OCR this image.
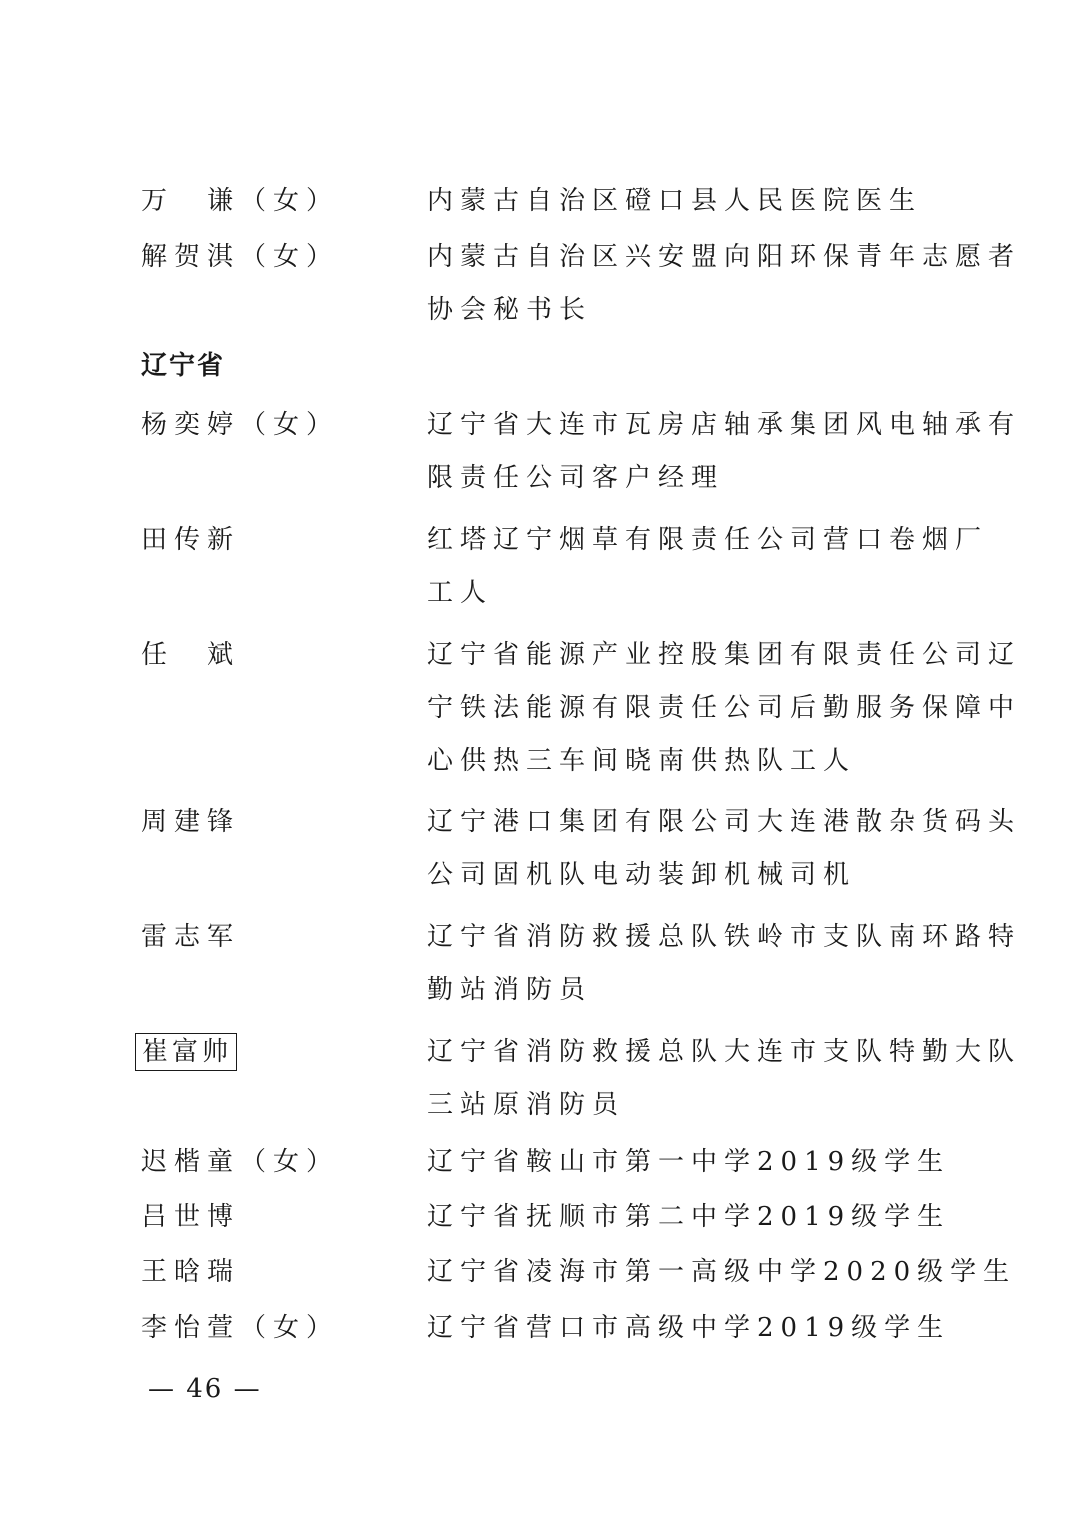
万　谦（女）	内蒙古自治区磴口县人民医院医生
解贺淇（女）	内蒙古自治区兴安盟向阳环保青年志愿者
协会秘书长
辽宁省
杨奕婷（女）	辽宁省大连市瓦房店轴承集团风电轴承有
限责任公司客户经理
田传新	红塔辽宁烟草有限责任公司营口卷烟厂
工人
任　斌	辽宁省能源产业控股集团有限责任公司辽
宁铁法能源有限责任公司后勤服务保障中
心供热三车间晓南供热队工人
周建锋	辽宁港口集团有限公司大连港散杂货码头
公司固机队电动装卸机械司机
雷志军	辽宁省消防救援总队铁岭市支队南环路特
勤站消防员
崔富帅	辽宁省消防救援总队大连市支队特勤大队
三站原消防员
迟楷童（女）	辽宁省鞍山市第一中学2019级学生
吕世博	辽宁省抚顺市第二中学2019级学生
王晗瑞	辽宁省凌海市第一高级中学2020级学生
李怡萱（女）	辽宁省营口市高级中学2019级学生
— 46 —
